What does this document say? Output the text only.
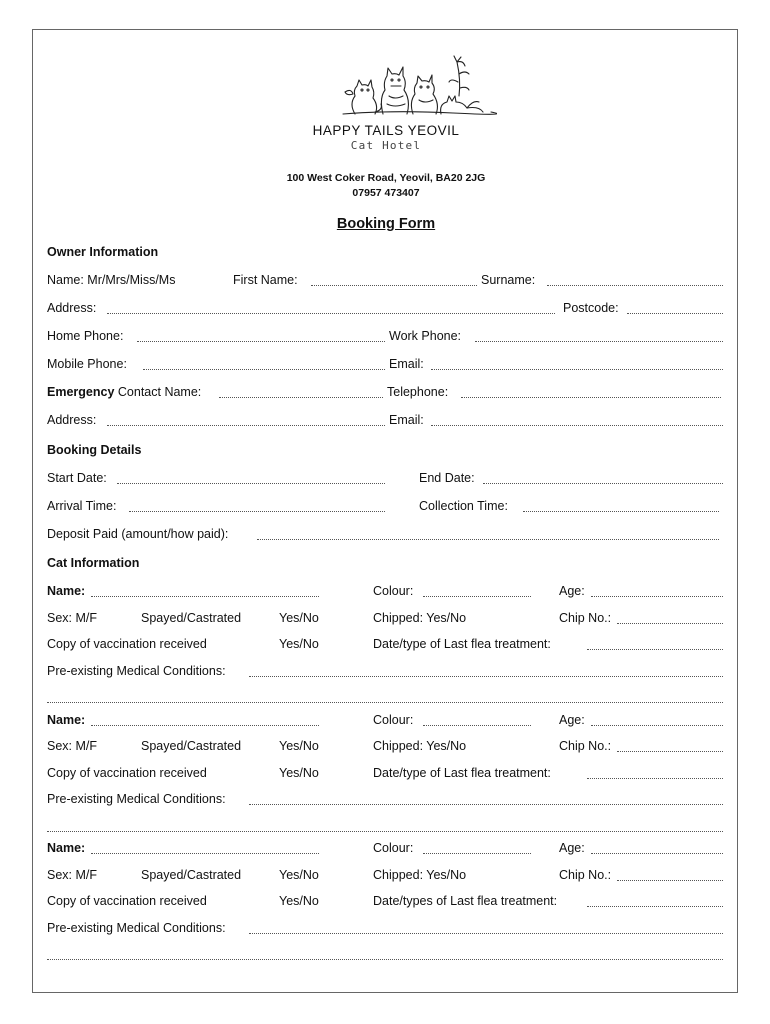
HAPPY TAILS YEOVIL
Cat Hotel
100 West Coker Road, Yeovil, BA20 2JG
07957 473407
Booking Form
Owner Information
Name: Mr/Mrs/Miss/Ms	First Name:	Surname:
Address:	Postcode:
Home Phone:	Work Phone:
Mobile Phone:	Email:
Emergency Contact Name:	Telephone:
Address:	Email:
Booking Details
Start Date:	End Date:
Arrival Time:	Collection Time:
Deposit Paid (amount/how paid):
Cat Information
Name:	Colour:	Age:
Sex: M/F	Spayed/Castrated	Yes/No	Chipped: Yes/No	Chip No.:
Copy of vaccination received	Yes/No	Date/type of Last flea treatment:
Pre-existing Medical Conditions:
Name:	Colour:	Age:
Sex: M/F	Spayed/Castrated	Yes/No	Chipped: Yes/No	Chip No.:
Copy of vaccination received	Yes/No	Date/type of Last flea treatment:
Pre-existing Medical Conditions:
Name:	Colour:	Age:
Sex: M/F	Spayed/Castrated	Yes/No	Chipped: Yes/No	Chip No.:
Copy of vaccination received	Yes/No	Date/types of Last flea treatment:
Pre-existing Medical Conditions:
